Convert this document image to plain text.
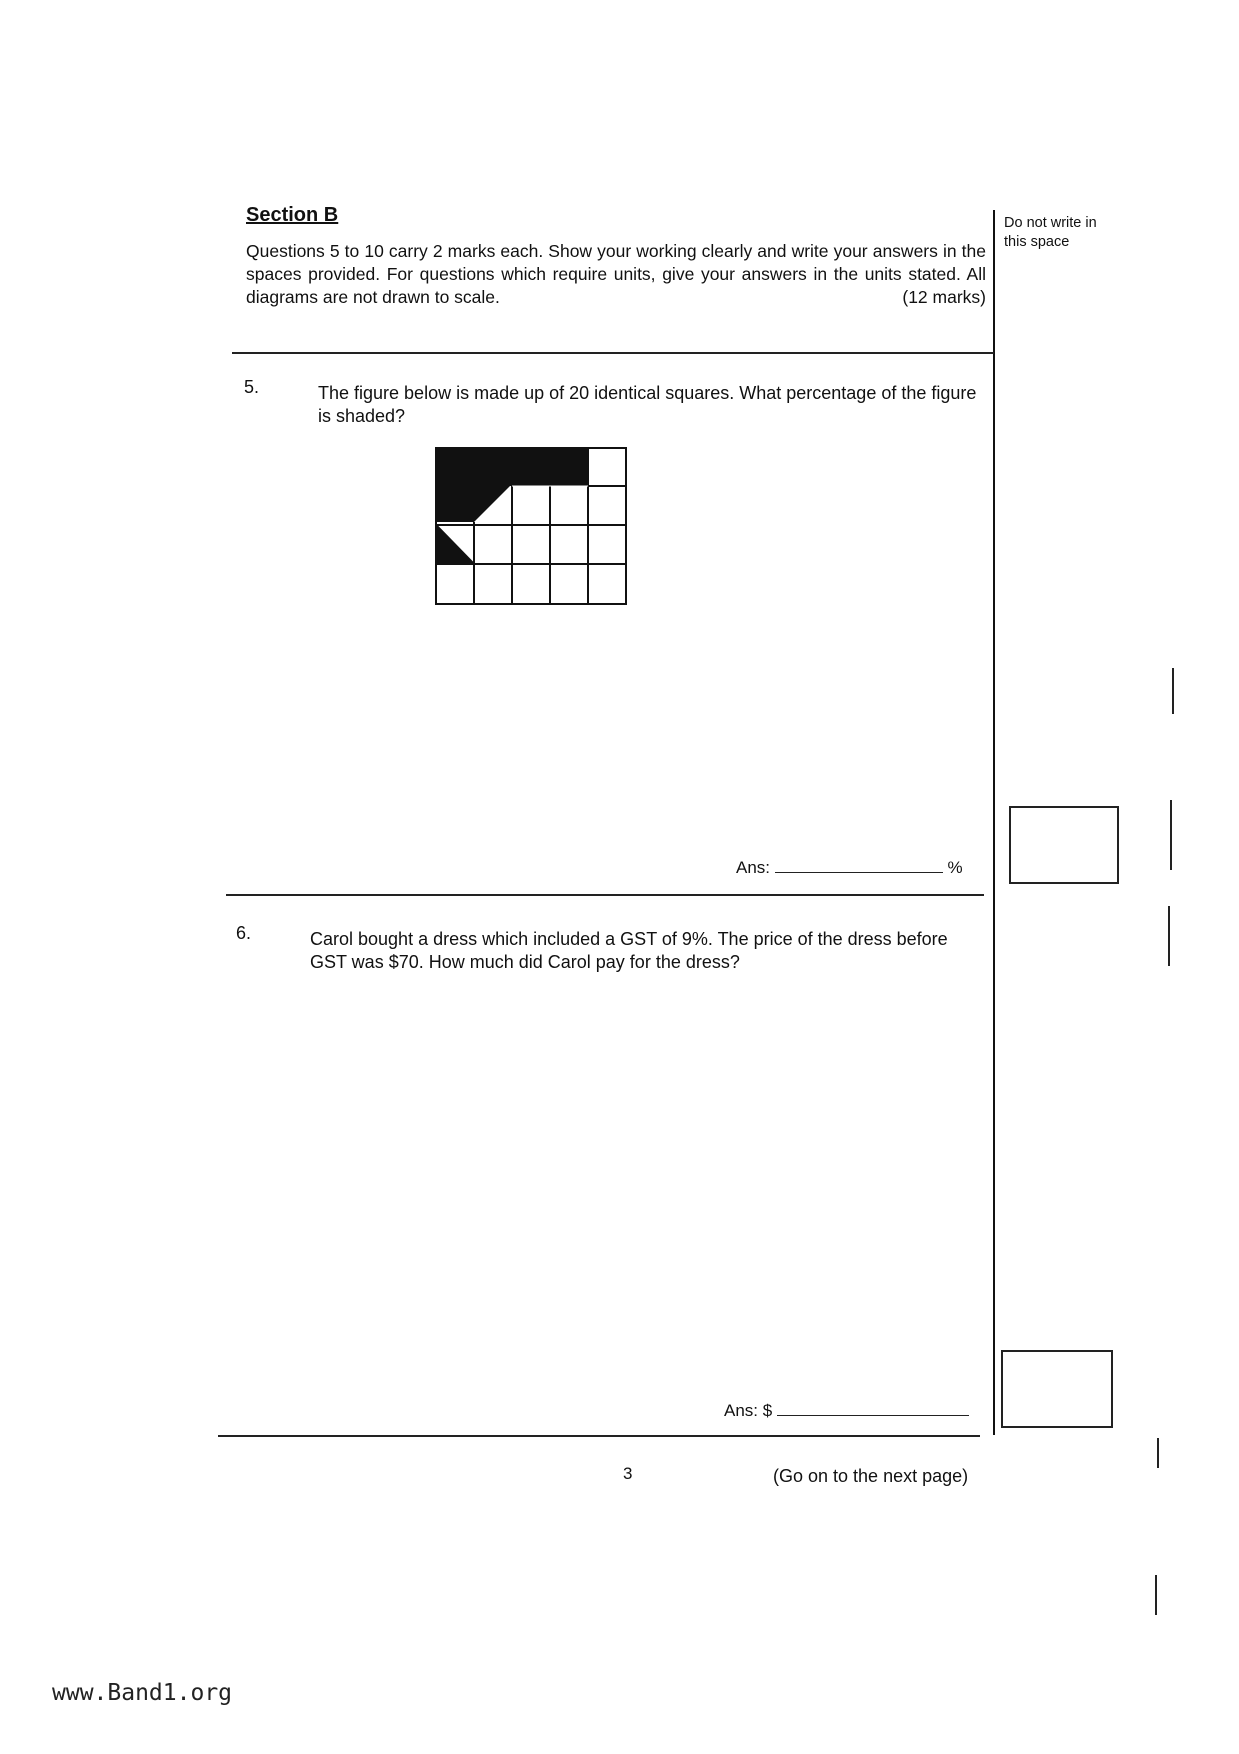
Section B
Questions 5 to 10 carry 2 marks each. Show your working clearly and write your answers in the spaces provided. For questions which require units, give your answers in the units stated. All diagrams are not drawn to scale.	(12 marks)
Do not write in this space
5.	The figure below is made up of 20 identical squares. What percentage of the figure is shaded?
Ans:	%
6.	Carol bought a dress which included a GST of 9%. The price of the dress before GST was $70. How much did Carol pay for the dress?
Ans: $
3	(Go on to the next page)
www.Band1.org
